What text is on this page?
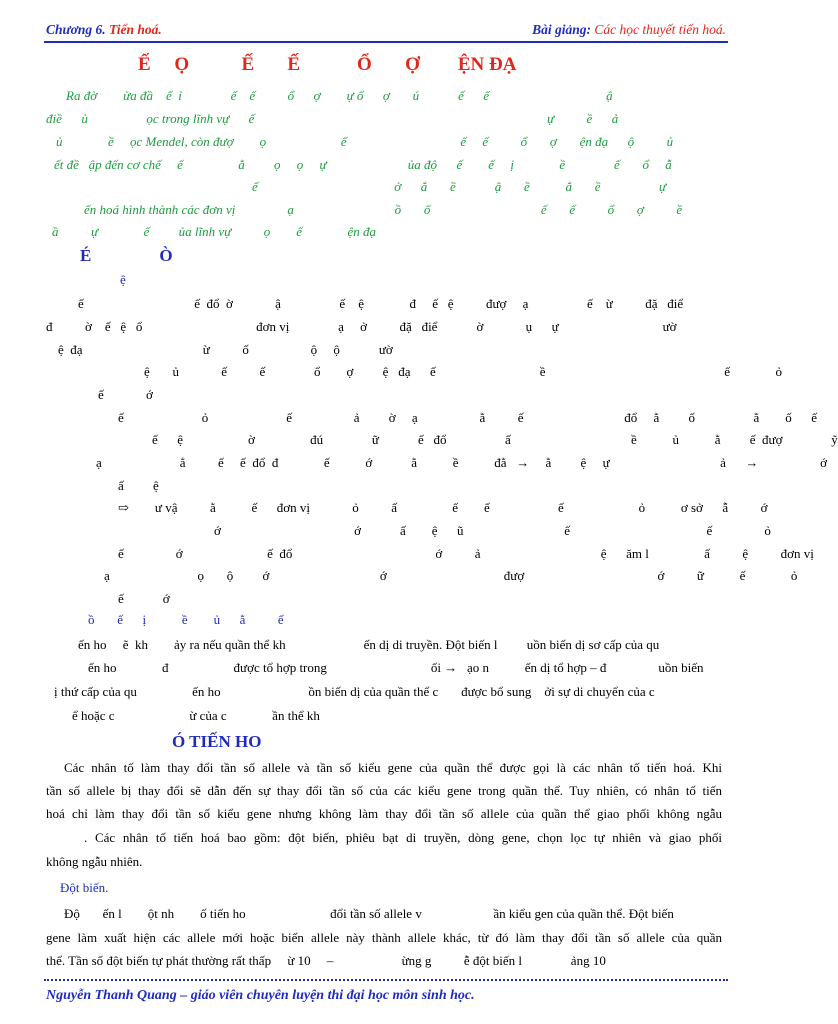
Chương 6. Tiến hoá.	Bài giảng: Các học thuyết tiến hoá.
Ế     Ọ           Ế       Ế            Ổ       Ợ        ỆN ĐẠ
Ra đờ        ừa đầ    ế  ỉ               ế    ế          ổ      ợ        ự ổ      ợ       ú            ế      ế                                    ậ
điề      ủ                  ọc trong lĩnh vự      ế                                                                                          ự          ề      ả
ủ              ề     ọc Mendel, còn đượ        ọ                       ế                                   ế     ế          ổ       ợ       ện đạ      ộ          ủ
ết đề   ập đến cơ chế     ế                 ằ         ọ     ọ     ự                         ủa độ      ế        ế     ị              ề               ế       ổ     ẫ
ế                                          ở      ẳ       ề            ậ       ề           ẳ       ề                  ự
ến hoá hình thành các đơn vị                ạ                               ồ       ố                                  ế       ế          ổ       ợ          ề
ầ          ự              ế         ủa lĩnh vự          ọ        ế              ện đạ
É                Ò
ệ
ế                                  ế  đổ  ờ             ậ                  ế    ệ              đ     ế   ệ          đượ     ạ                  ế    ừ          đặ   điể
đ          ờ    ế   ệ   ổ                                   đơn vị               ạ     ở          đặ   điể            ờ             ụ      ự                                ườ
ệ  đạ                                     ừ          ố                   ộ     ộ            ườ
ệ       ủ             ế          ế               ổ        ợ         ệ   đạ      ế                                ề                                                       ế              ỏ
ế             ớ
ế                        ỏ                        ế                   ả         ờ     ạ                   ằ          ế                               đổ     ằ         ố                  ằ        ố      ế
ế      ệ                    ờ                 đú               ữ            ế   đổ                  ấ                                     ề           ủ           ằ         ế  đượ               ỹ
ạ                        ẳ          ế     ế  đổ  đ              ế           ớ            ằ           ề           đằ   →     ằ         ệ     ự                                  ả      →                   ớ
ấ         ệ
⇨        ư vậ          ằ           ế      đơn vị             ỏ          ấ                 ế        ế                     ế                       ỏ           ơ sở      ẫ          ớ
ớ                                         ớ            ấ        ệ      ũ                               ế                                          ế                ỏ
ế                ớ                          ế  đổ                                            ớ          ả                                     ệ      ăm l                 ấ          ệ          đơn vị
ạ                           ọ       ộ         ớ                                  ớ                                    đượ                                         ớ          ữ           ế              ỏ
ế            ớ
ồ       ế      ị           ề        ủ      ằ          ế
ến ho     ẽ  kh        ảy ra nếu quần thể kh                        ến dị di truyền. Đột biến l         uồn biến dị sơ cấp của qu
ến ho              đ                    được tổ hợp trong                                ối →   ạo n           ến dị tổ hợp – đ                uồn biến
ị thứ cấp của qu                 ến ho                           ồn biến dị của quần thể c       được bổ sung    ởi sự di chuyển của c
ể hoặc c                       ừ của c              ần thể kh
Ó TIẾN HO
Các nhân tố làm thay đổi tần số allele và tần số kiểu gene của quần thể được gọi là các nhân tố tiến hoá. Khi
tần số allele bị thay đổi sẽ dẫn đến sự thay đổi tần số của các kiểu gene trong quần thể. Tuy nhiên, có nhân tố tiến
hoá chỉ làm thay đổi tần số kiểu gene nhưng không làm thay đổi tần số allele của quần thể giao phối không ngẫu
. Các nhân tố tiến hoá bao gồm: đột biến, phiêu bạt di truyền, dòng gene, chọn lọc tự nhiên và giao phối
không ngẫu nhiên.
Đột biến.
Độ       ến l        ột nh        ố tiến ho                          đổi tần số allele v                      ần kiểu gen của quần thể. Đột biến
gene làm xuất hiện các allele mới hoặc biến allele này thành allele khác, từ đó làm thay đổi tần số allele của quần
thể. Tần số đột biến tự phát thường rất thấp     ừ 10     –                     ừng g          ễ đột biến l               ảng 10
Nguyễn Thanh Quang – giáo viên chuyên luyện thi đại học môn sinh học.
